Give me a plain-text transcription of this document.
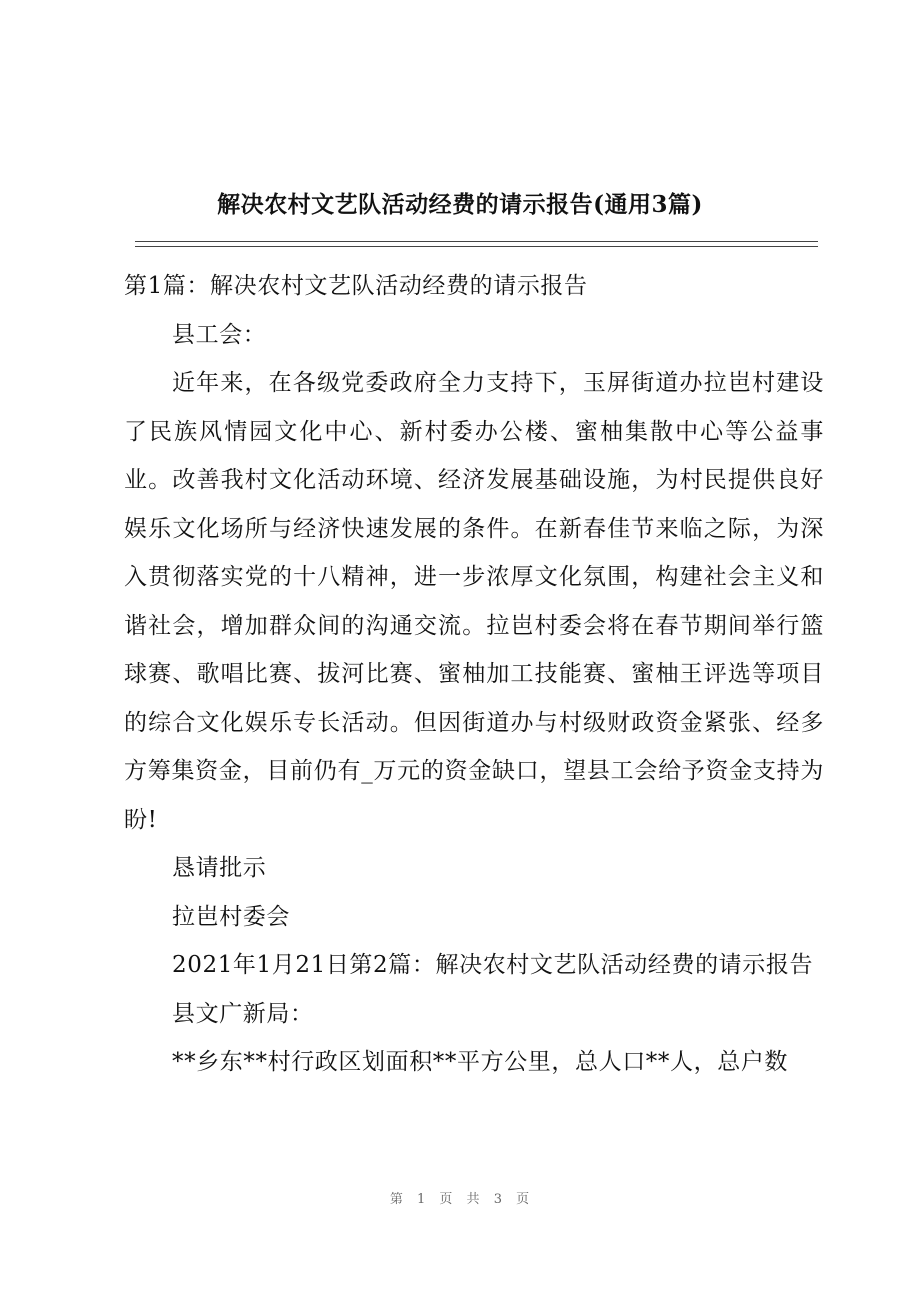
解决农村文艺队活动经费的请示报告(通用3篇)

第1篇：解决农村文艺队活动经费的请示报告

县工会：

近年来，在各级党委政府全力支持下，玉屏街道办拉岜村建设了民族风情园文化中心、新村委办公楼、蜜柚集散中心等公益事业。改善我村文化活动环境、经济发展基础设施，为村民提供良好娱乐文化场所与经济快速发展的条件。在新春佳节来临之际，为深入贯彻落实党的十八精神，进一步浓厚文化氛围，构建社会主义和谐社会，增加群众间的沟通交流。拉岜村委会将在春节期间举行篮球赛、歌唱比赛、拔河比赛、蜜柚加工技能赛、蜜柚王评选等项目的综合文化娱乐专长活动。但因街道办与村级财政资金紧张、经多方筹集资金，目前仍有_万元的资金缺口，望县工会给予资金支持为盼!

恳请批示

拉岜村委会

2021年1月21日第2篇：解决农村文艺队活动经费的请示报告

县文广新局：

**乡东**村行政区划面积**平方公里，总人口**人，总户数

第 1 页 共 3 页
